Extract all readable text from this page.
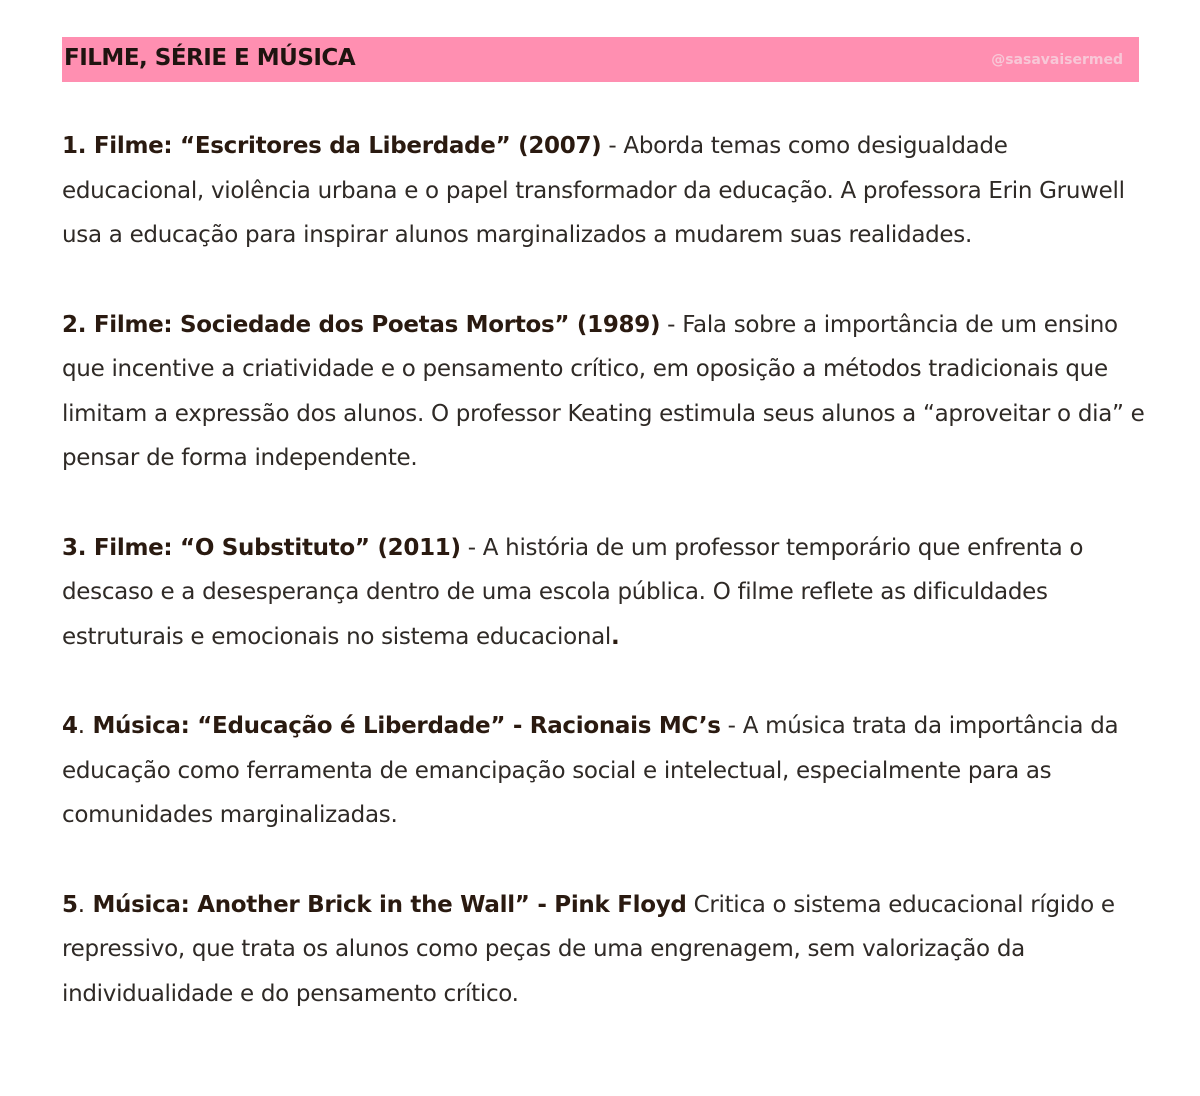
FILME, SÉRIE E MÚSICA	@sasavaisermed

1. Filme: “Escritores da Liberdade” (2007) - Aborda temas como desigualdade educacional, violência urbana e o papel transformador da educação. A professora Erin Gruwell usa a educação para inspirar alunos marginalizados a mudarem suas realidades.

2. Filme: Sociedade dos Poetas Mortos” (1989) - Fala sobre a importância de um ensino que incentive a criatividade e o pensamento crítico, em oposição a métodos tradicionais que limitam a expressão dos alunos. O professor Keating estimula seus alunos a “aproveitar o dia” e pensar de forma independente.

3. Filme: “O Substituto” (2011) - A história de um professor temporário que enfrenta o descaso e a desesperança dentro de uma escola pública. O filme reflete as dificuldades estruturais e emocionais no sistema educacional.

4. Música: “Educação é Liberdade” - Racionais MC’s - A música trata da importância da educação como ferramenta de emancipação social e intelectual, especialmente para as comunidades marginalizadas.

5. Música: Another Brick in the Wall” - Pink Floyd Critica o sistema educacional rígido e repressivo, que trata os alunos como peças de uma engrenagem, sem valorização da individualidade e do pensamento crítico.
